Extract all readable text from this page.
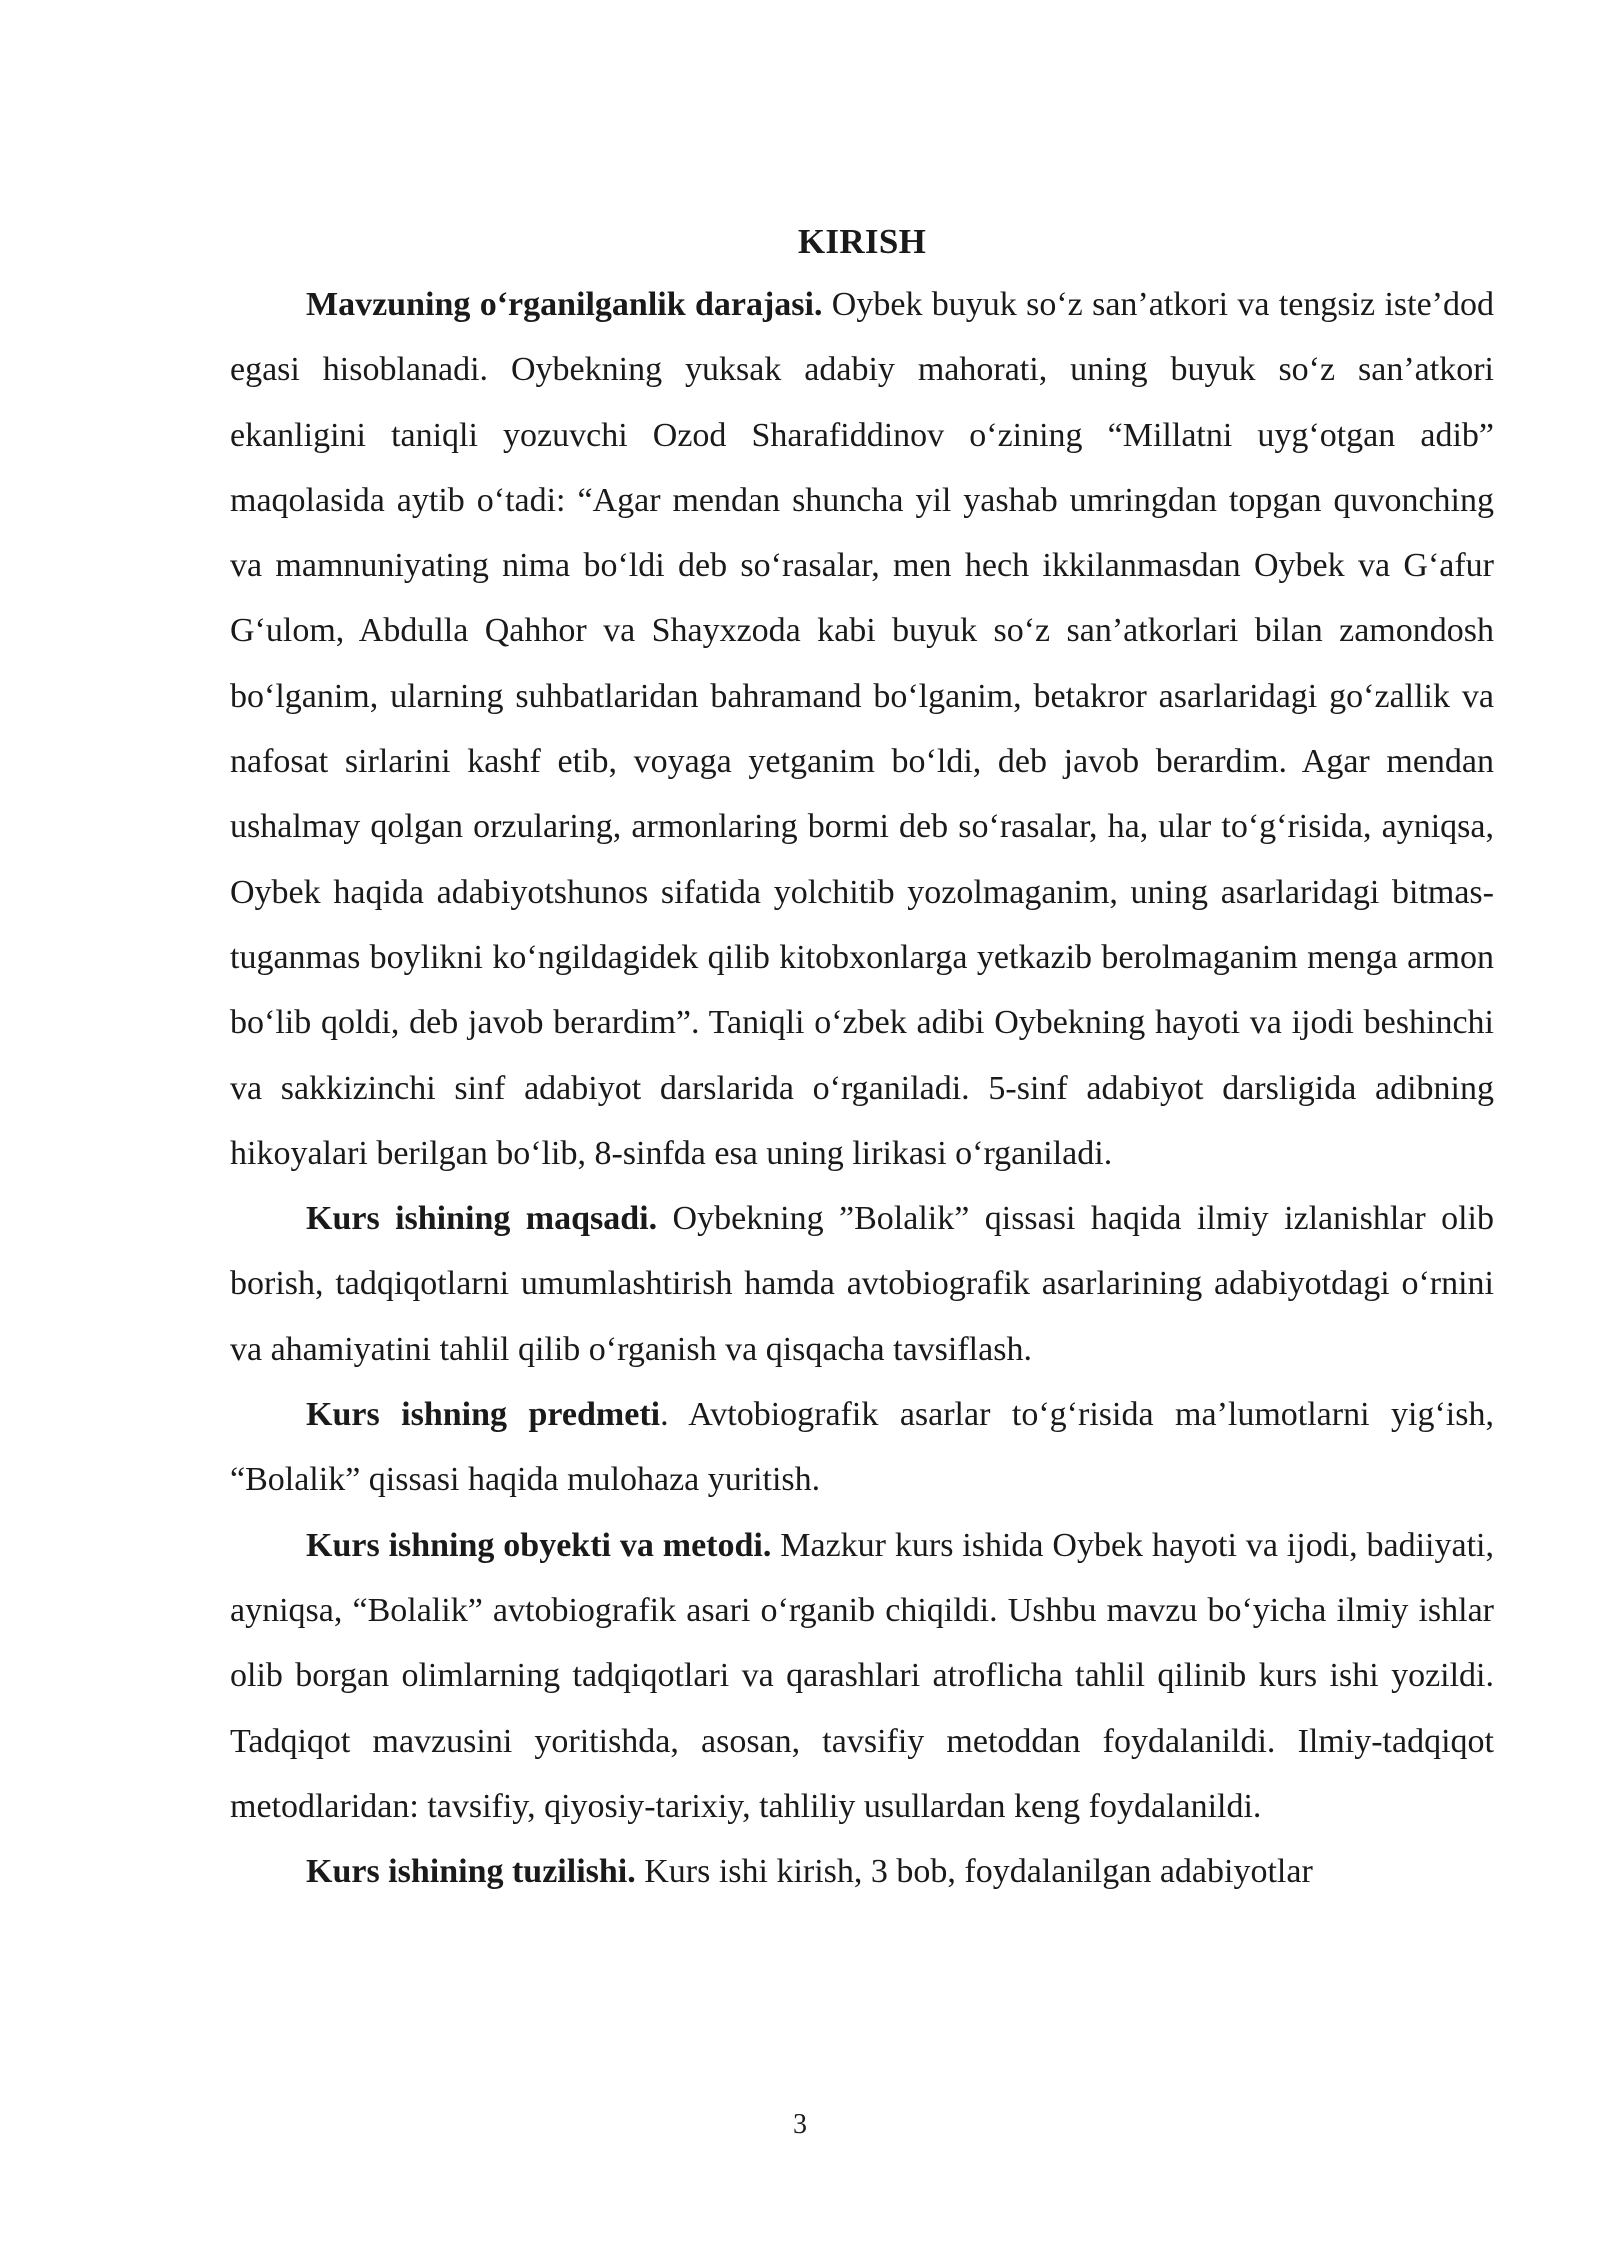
KIRISH

Mavzuning o‘rganilganlik darajasi. Oybek buyuk so‘z san’atkori va tengsiz iste’dod egasi hisoblanadi. Oybekning yuksak adabiy mahorati, uning buyuk so‘z san’atkori ekanligini taniqli yozuvchi Ozod Sharafiddinov o‘zining “Millatni uyg‘otgan adib” maqolasida aytib o‘tadi: “Agar mendan shuncha yil yashab umringdan topgan quvonching va mamnuniyating nima bo‘ldi deb so‘rasalar, men hech ikkilanmasdan Oybek va G‘afur G‘ulom, Abdulla Qahhor va Shayxzoda kabi buyuk so‘z san’atkorlari bilan zamondosh bo‘lganim, ularning suhbatlaridan bahramand bo‘lganim, betakror asarlaridagi go‘zallik va nafosat sirlarini kashf etib, voyaga yetganim bo‘ldi, deb javob berardim. Agar mendan ushalmay qolgan orzularing, armonlaring bormi deb so‘rasalar, ha, ular to‘g‘risida, ayniqsa, Oybek haqida adabiyotshunos sifatida yolchitib yozolmaganim, uning asarlaridagi bitmastuganmas boylikni ko‘ngildagidek qilib kitobxonlarga yetkazib berolmaganim menga armon bo‘lib qoldi, deb javob berardim”. Taniqli o‘zbek adibi Oybekning hayoti va ijodi beshinchi va sakkizinchi sinf adabiyot darslarida o‘rganiladi. 5-sinf adabiyot darsligida adibning hikoyalari berilgan bo‘lib, 8-sinfda esa uning lirikasi o‘rganiladi.

Kurs ishining maqsadi. Oybekning ”Bolalik” qissasi haqida ilmiy izlanishlar olib borish, tadqiqotlarni umumlashtirish hamda avtobiografik asarlarining adabiyotdagi o‘rnini va ahamiyatini tahlil qilib o‘rganish va qisqacha tavsiflash.

Kurs ishning predmeti. Avtobiografik asarlar to‘g‘risida ma’lumotlarni yig‘ish, “Bolalik” qissasi haqida mulohaza yuritish.

Kurs ishning obyekti va metodi. Mazkur kurs ishida Oybek hayoti va ijodi, badiiyati, ayniqsa, “Bolalik” avtobiografik asari o‘rganib chiqildi. Ushbu mavzu bo‘yicha ilmiy ishlar olib borgan olimlarning tadqiqotlari va qarashlari atroflicha tahlil qilinib kurs ishi yozildi. Tadqiqot mavzusini yoritishda, asosan, tavsifiy metoddan foydalanildi. Ilmiy-tadqiqot metodlaridan: tavsifiy, qiyosiy-tarixiy, tahliliy usullardan keng foydalanildi.

Kurs ishining tuzilishi. Kurs ishi kirish, 3 bob, foydalanilgan adabiyotlar

3
